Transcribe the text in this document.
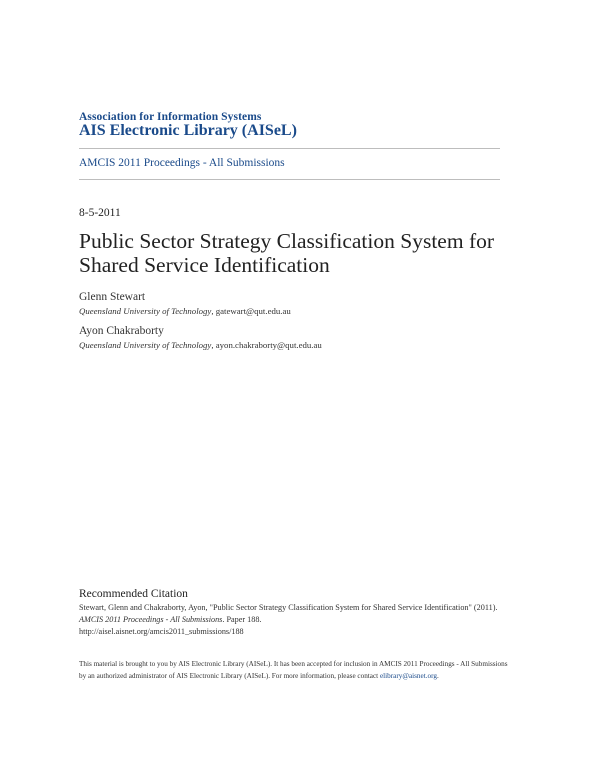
Association for Information Systems
AIS Electronic Library (AISeL)
AMCIS 2011 Proceedings - All Submissions
8-5-2011
Public Sector Strategy Classification System for
Shared Service Identification
Glenn Stewart
Queensland University of Technology, gatewart@qut.edu.au
Ayon Chakraborty
Queensland University of Technology, ayon.chakraborty@qut.edu.au
Recommended Citation
Stewart, Glenn and Chakraborty, Ayon, "Public Sector Strategy Classification System for Shared Service Identification" (2011).
AMCIS 2011 Proceedings - All Submissions. Paper 188.
http://aisel.aisnet.org/amcis2011_submissions/188
This material is brought to you by AIS Electronic Library (AISeL). It has been accepted for inclusion in AMCIS 2011 Proceedings - All Submissions
by an authorized administrator of AIS Electronic Library (AISeL). For more information, please contact elibrary@aisnet.org.
